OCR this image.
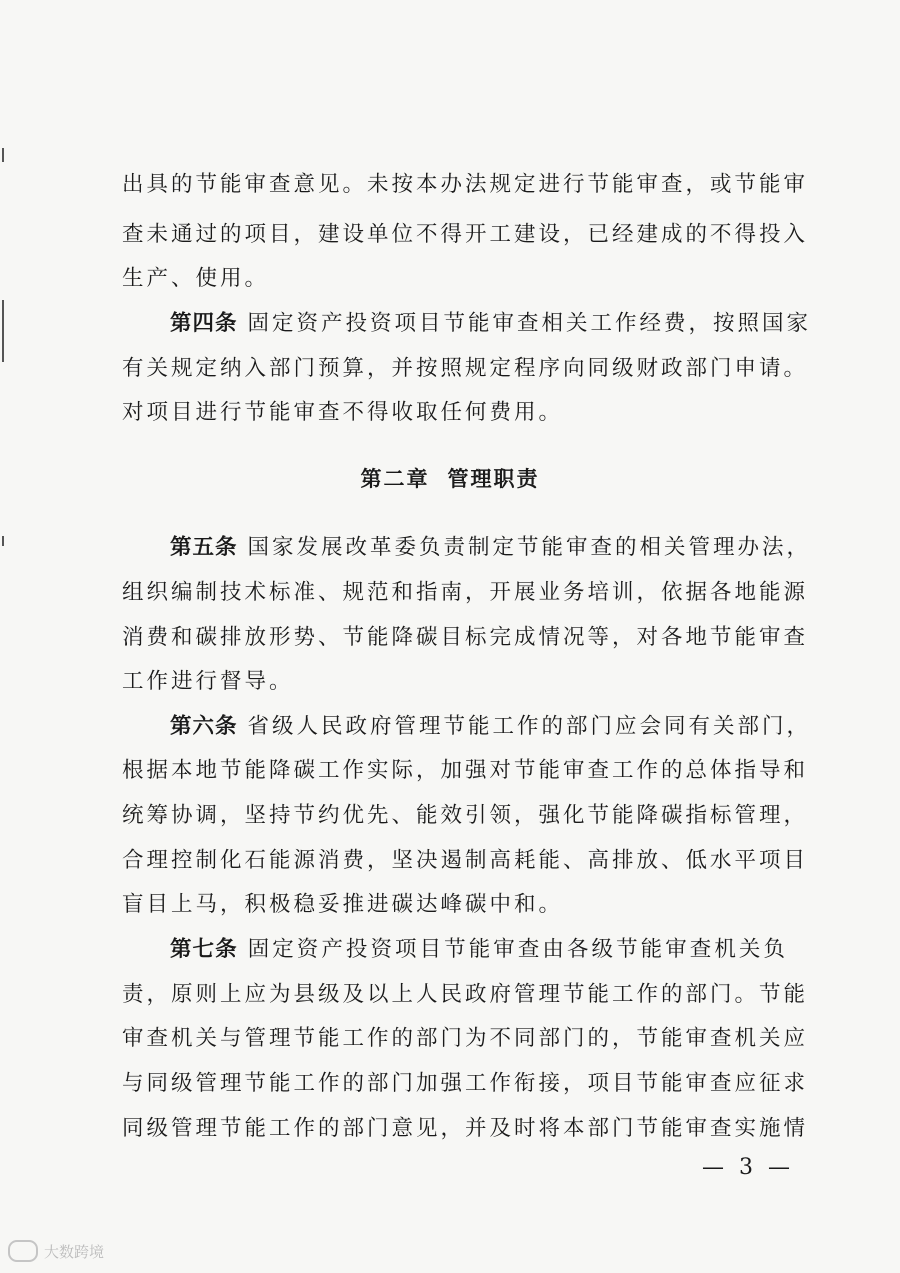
出具的节能审查意见。未按本办法规定进行节能审查，或节能审
查未通过的项目，建设单位不得开工建设，已经建成的不得投入
生产、使用。
第四条 固定资产投资项目节能审查相关工作经费，按照国家
有关规定纳入部门预算，并按照规定程序向同级财政部门申请。
对项目进行节能审查不得收取任何费用。
第二章 管理职责
第五条 国家发展改革委负责制定节能审查的相关管理办法，
组织编制技术标准、规范和指南，开展业务培训，依据各地能源
消费和碳排放形势、节能降碳目标完成情况等，对各地节能审查
工作进行督导。
第六条 省级人民政府管理节能工作的部门应会同有关部门，
根据本地节能降碳工作实际，加强对节能审查工作的总体指导和
统筹协调，坚持节约优先、能效引领，强化节能降碳指标管理，
合理控制化石能源消费，坚决遏制高耗能、高排放、低水平项目
盲目上马，积极稳妥推进碳达峰碳中和。
第七条 固定资产投资项目节能审查由各级节能审查机关负
责，原则上应为县级及以上人民政府管理节能工作的部门。节能
审查机关与管理节能工作的部门为不同部门的，节能审查机关应
与同级管理节能工作的部门加强工作衔接，项目节能审查应征求
同级管理节能工作的部门意见，并及时将本部门节能审查实施情
— 3 —
大数跨境
